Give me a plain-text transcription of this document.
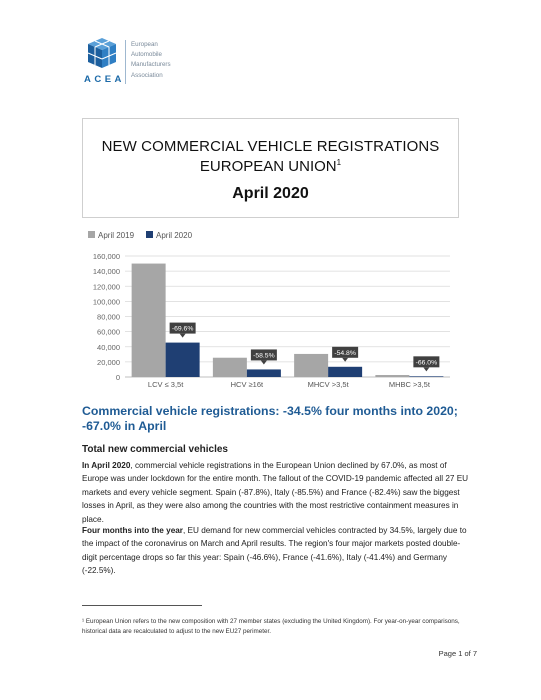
ACEA
European
Automobile
Manufacturers
Association
NEW COMMERCIAL VEHICLE REGISTRATIONS
EUROPEAN UNION$^1$
April 2020
April 2019	April 2020
0
20,000
40,000
60,000
80,000
100,000
120,000
140,000
160,000
-69.6%
LCV ≤ 3,5t
-58.5%
HCV ≥16t
-54.8%
MHCV >3,5t
-66.0%
MHBC >3,5t
Commercial vehicle registrations: -34.5% four months into 2020; -67.0% in April
Total new commercial vehicles
In April 2020, commercial vehicle registrations in the European Union declined by 67.0%, as most of Europe was under lockdown for the entire month. The fallout of the COVID-19 pandemic affected all 27 EU markets and every vehicle segment. Spain (-87.8%), Italy (-85.5%) and France (-82.4%) saw the biggest losses in April, as they were also among the countries with the most restrictive containment measures in place.
Four months into the year, EU demand for new commercial vehicles contracted by 34.5%, largely due to the impact of the coronavirus on March and April results. The region's four major markets posted double-digit percentage drops so far this year: Spain (-46.6%), France (-41.6%), Italy (-41.4%) and Germany (-22.5%).
¹ European Union refers to the new composition with 27 member states (excluding the United Kingdom). For year-on-year comparisons, historical data are recalculated to adjust to the new EU27 perimeter.
Page 1 of 7
